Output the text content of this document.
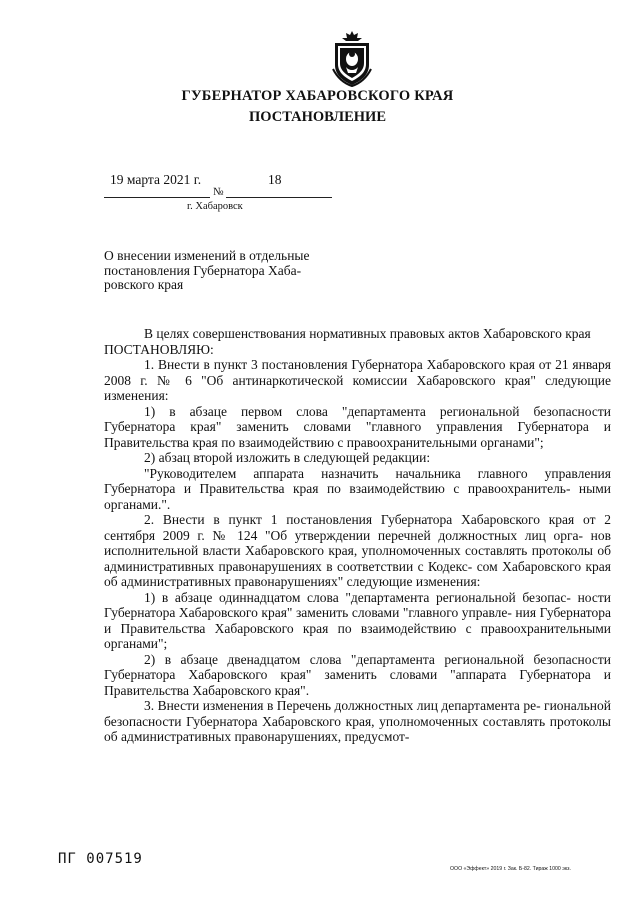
ГУБЕРНАТОР ХАБАРОВСКОГО КРАЯ
ПОСТАНОВЛЕНИЕ
19 марта 2021 г.	18
№
г. Хабаровск
О внесении изменений в отдельные
постановления Губернатора Хаба-
ровского края

В целях совершенствования нормативных правовых актов Хабаровского края

ПОСТАНОВЛЯЮ:

1. Внести в пункт 3 постановления Губернатора Хабаровского края от 21 января 2008 г. № 6 "Об антинаркотической комиссии Хабаровского края" следующие изменения:

1) в абзаце первом слова "департамента региональной безопасности Губернатора края" заменить словами "главного управления Губернатора и Правительства края по взаимодействию с правоохранительными органами";

2) абзац второй изложить в следующей редакции:

"Руководителем аппарата назначить начальника главного управления Губернатора и Правительства края по взаимодействию с правоохранитель- ными органами.".

2. Внести в пункт 1 постановления Губернатора Хабаровского края от 2 сентября 2009 г. № 124 "Об утверждении перечней должностных лиц орга- нов исполнительной власти Хабаровского края, уполномоченных составлять протоколы об административных правонарушениях в соответствии с Кодекс- сом Хабаровского края об административных правонарушениях" следующие изменения:

1) в абзаце одиннадцатом слова "департамента региональной безопас- ности Губернатора Хабаровского края" заменить словами "главного управле- ния Губернатора и Правительства Хабаровского края по взаимодействию с правоохранительными органами";

2) в абзаце двенадцатом слова "департамента региональной безопасности Губернатора Хабаровского края" заменить словами "аппарата Губернатора и Правительства Хабаровского края".

3. Внести изменения в Перечень должностных лиц департамента ре- гиональной безопасности Губернатора Хабаровского края, уполномоченных составлять протоколы об административных правонарушениях, предусмот-

ПГ 007519
ООО «Эффект» 2019 г. Зак. Б-82. Тираж 1000 экз.
